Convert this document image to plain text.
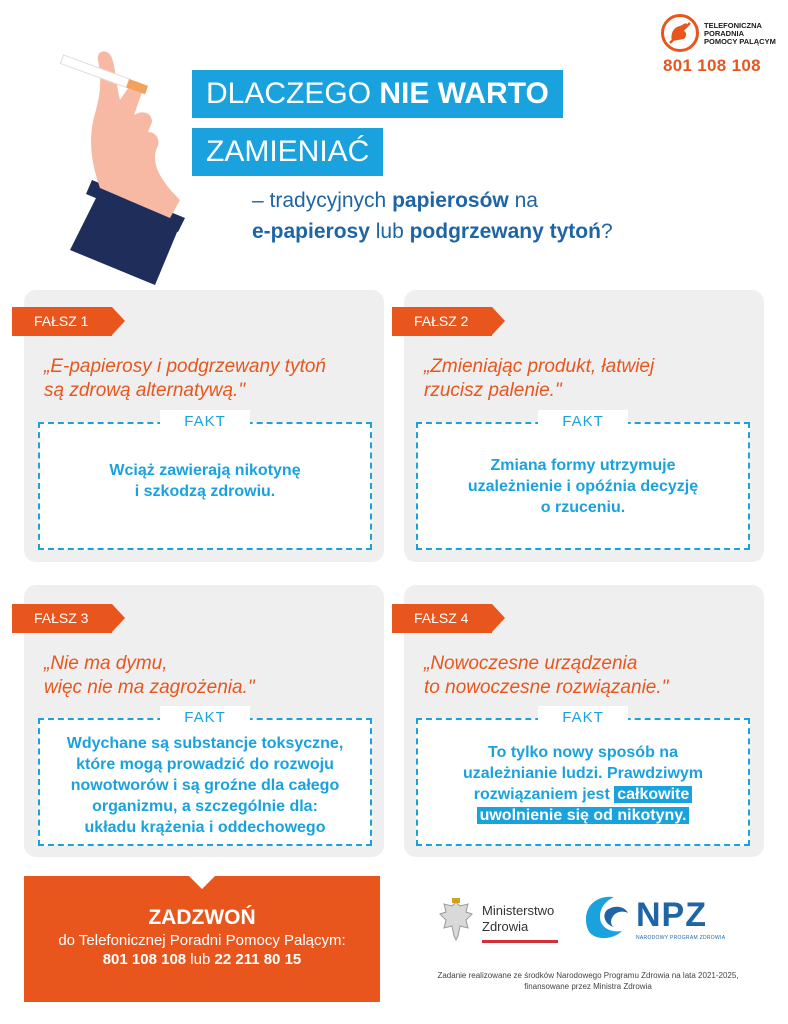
TELEFONICZNA
PORADNIA
POMOCY PALĄCYM
801 108 108
DLACZEGO NIE WARTO
ZAMIENIAĆ
– tradycyjnych papierosów na
e-papierosy lub podgrzewany tytoń?
FAŁSZ 1
„E-papierosy i podgrzewany tytoń
są zdrową alternatywą."
FAKT
Wciąż zawierają nikotynę
i szkodzą zdrowiu.
FAŁSZ 2
„Zmieniając produkt, łatwiej
rzucisz palenie."
FAKT
Zmiana formy utrzymuje
uzależnienie i opóźnia decyzję
o rzuceniu.
FAŁSZ 3
„Nie ma dymu,
więc nie ma zagrożenia."
FAKT
Wdychane są substancje toksyczne,
które mogą prowadzić do rozwoju
nowotworów i są groźne dla całego
organizmu, a szczególnie dla:
układu krążenia i oddechowego
FAŁSZ 4
„Nowoczesne urządzenia
to nowoczesne rozwiązanie."
FAKT
To tylko nowy sposób na
uzależnianie ludzi. Prawdziwym
rozwiązaniem jest całkowite
uwolnienie się od nikotyny.
ZADZWOŃ
do Telefonicznej Poradni Pomocy Palącym:
801 108 108 lub 22 211 80 15
Ministerstwo
Zdrowia	NPZ
NARODOWY PROGRAM ZDROWIA
Zadanie realizowane ze środków Narodowego Programu Zdrowia na lata 2021-2025,
finansowane przez Ministra Zdrowia
